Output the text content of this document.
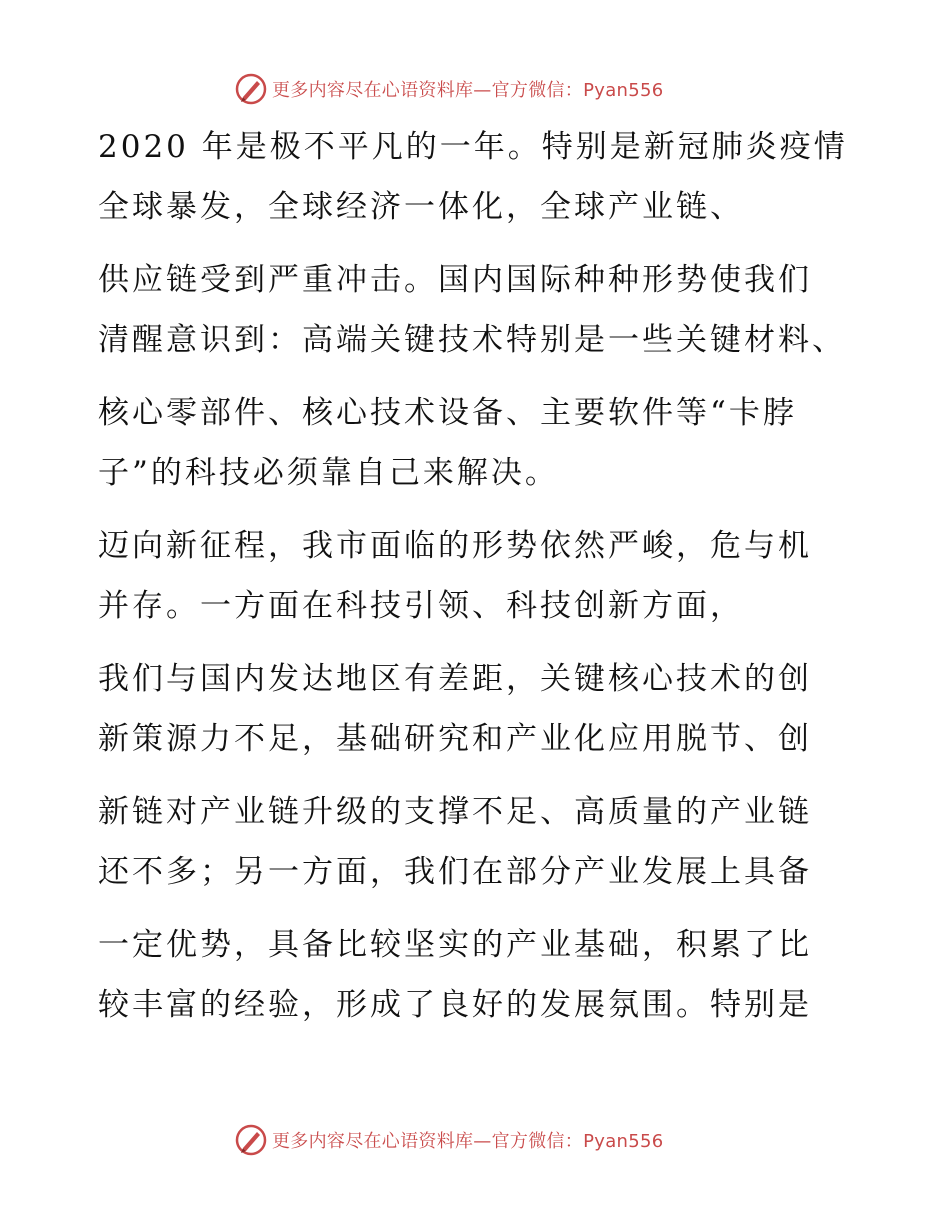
更多内容尽在心语资料库—官方微信：Pyan556
2020 年是极不平凡的一年。特别是新冠肺炎疫情
全球暴发，全球经济一体化，全球产业链、
供应链受到严重冲击。国内国际种种形势使我们
清醒意识到：高端关键技术特别是一些关键材料、
核心零部件、核心技术设备、主要软件等“卡脖
子”的科技必须靠自己来解决。
迈向新征程，我市面临的形势依然严峻，危与机
并存。一方面在科技引领、科技创新方面，
我们与国内发达地区有差距，关键核心技术的创
新策源力不足，基础研究和产业化应用脱节、创
新链对产业链升级的支撑不足、高质量的产业链
还不多；另一方面，我们在部分产业发展上具备
一定优势，具备比较坚实的产业基础，积累了比
较丰富的经验，形成了良好的发展氛围。特别是
更多内容尽在心语资料库—官方微信：Pyan556
